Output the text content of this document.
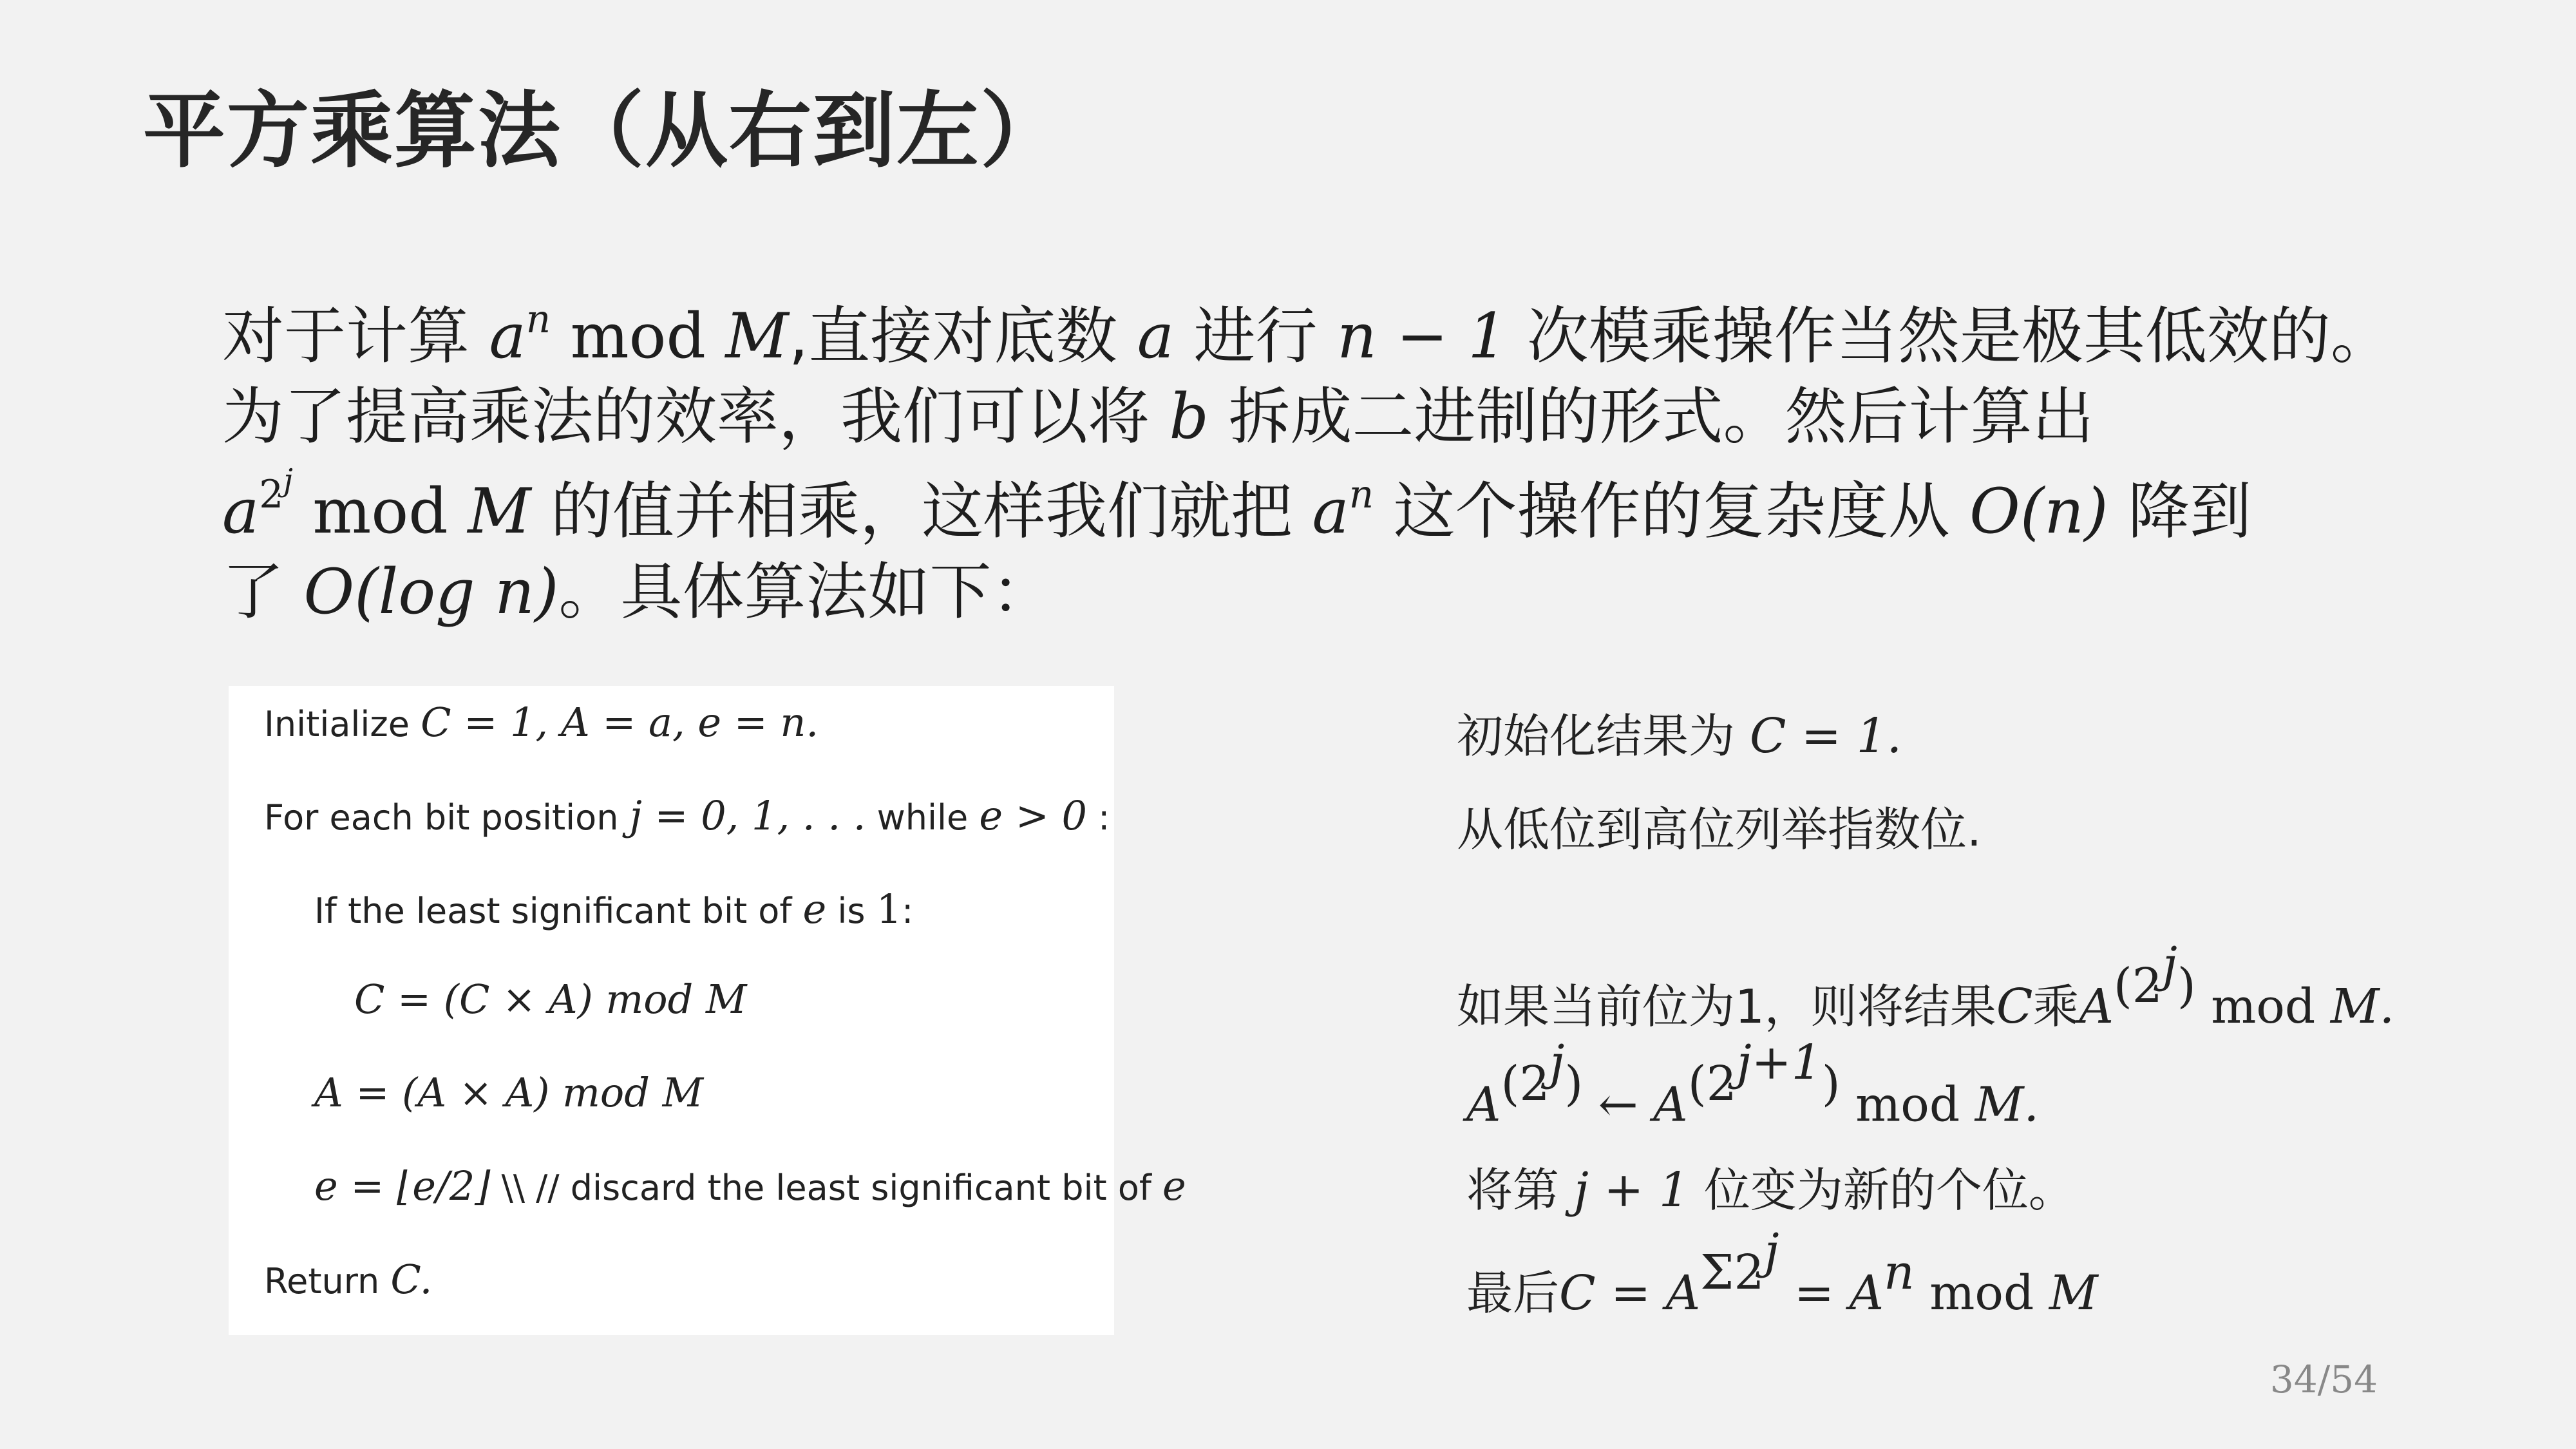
平方乘算法（从右到左）
对于计算 $a^n$ mod M,直接对底数 a 进行 n − 1 次模乘操作当然是极其低效的。
为了提高乘法的效率，我们可以将 b 拆成二进制的形式。然后计算出
$a^{2^j}$ mod M 的值并相乘，这样我们就把 $a^n$ 这个操作的复杂度从 O(n) 降到
了 O(log n)。具体算法如下：
Initialize C = 1, A = a, e = n.
For each bit position j = 0, 1, . . . while e > 0 :
If the least significant bit of e is 1:
C = (C × A) mod M
A = (A × A) mod M
e = ⌊e/2⌋ \\ // discard the least significant bit of e
Return C.
初始化结果为 C = 1.
从低位到高位列举指数位.
如果当前位为1，则将结果C乘$A^{(2^j)}$ mod M.
$A^{(2^j)}$ ← $A^{(2^{j+1})}$ mod M.
将第 j + 1 位变为新的个位。
最后$C = A^{\Sigma 2^j} = A^n$ mod M
34/54
